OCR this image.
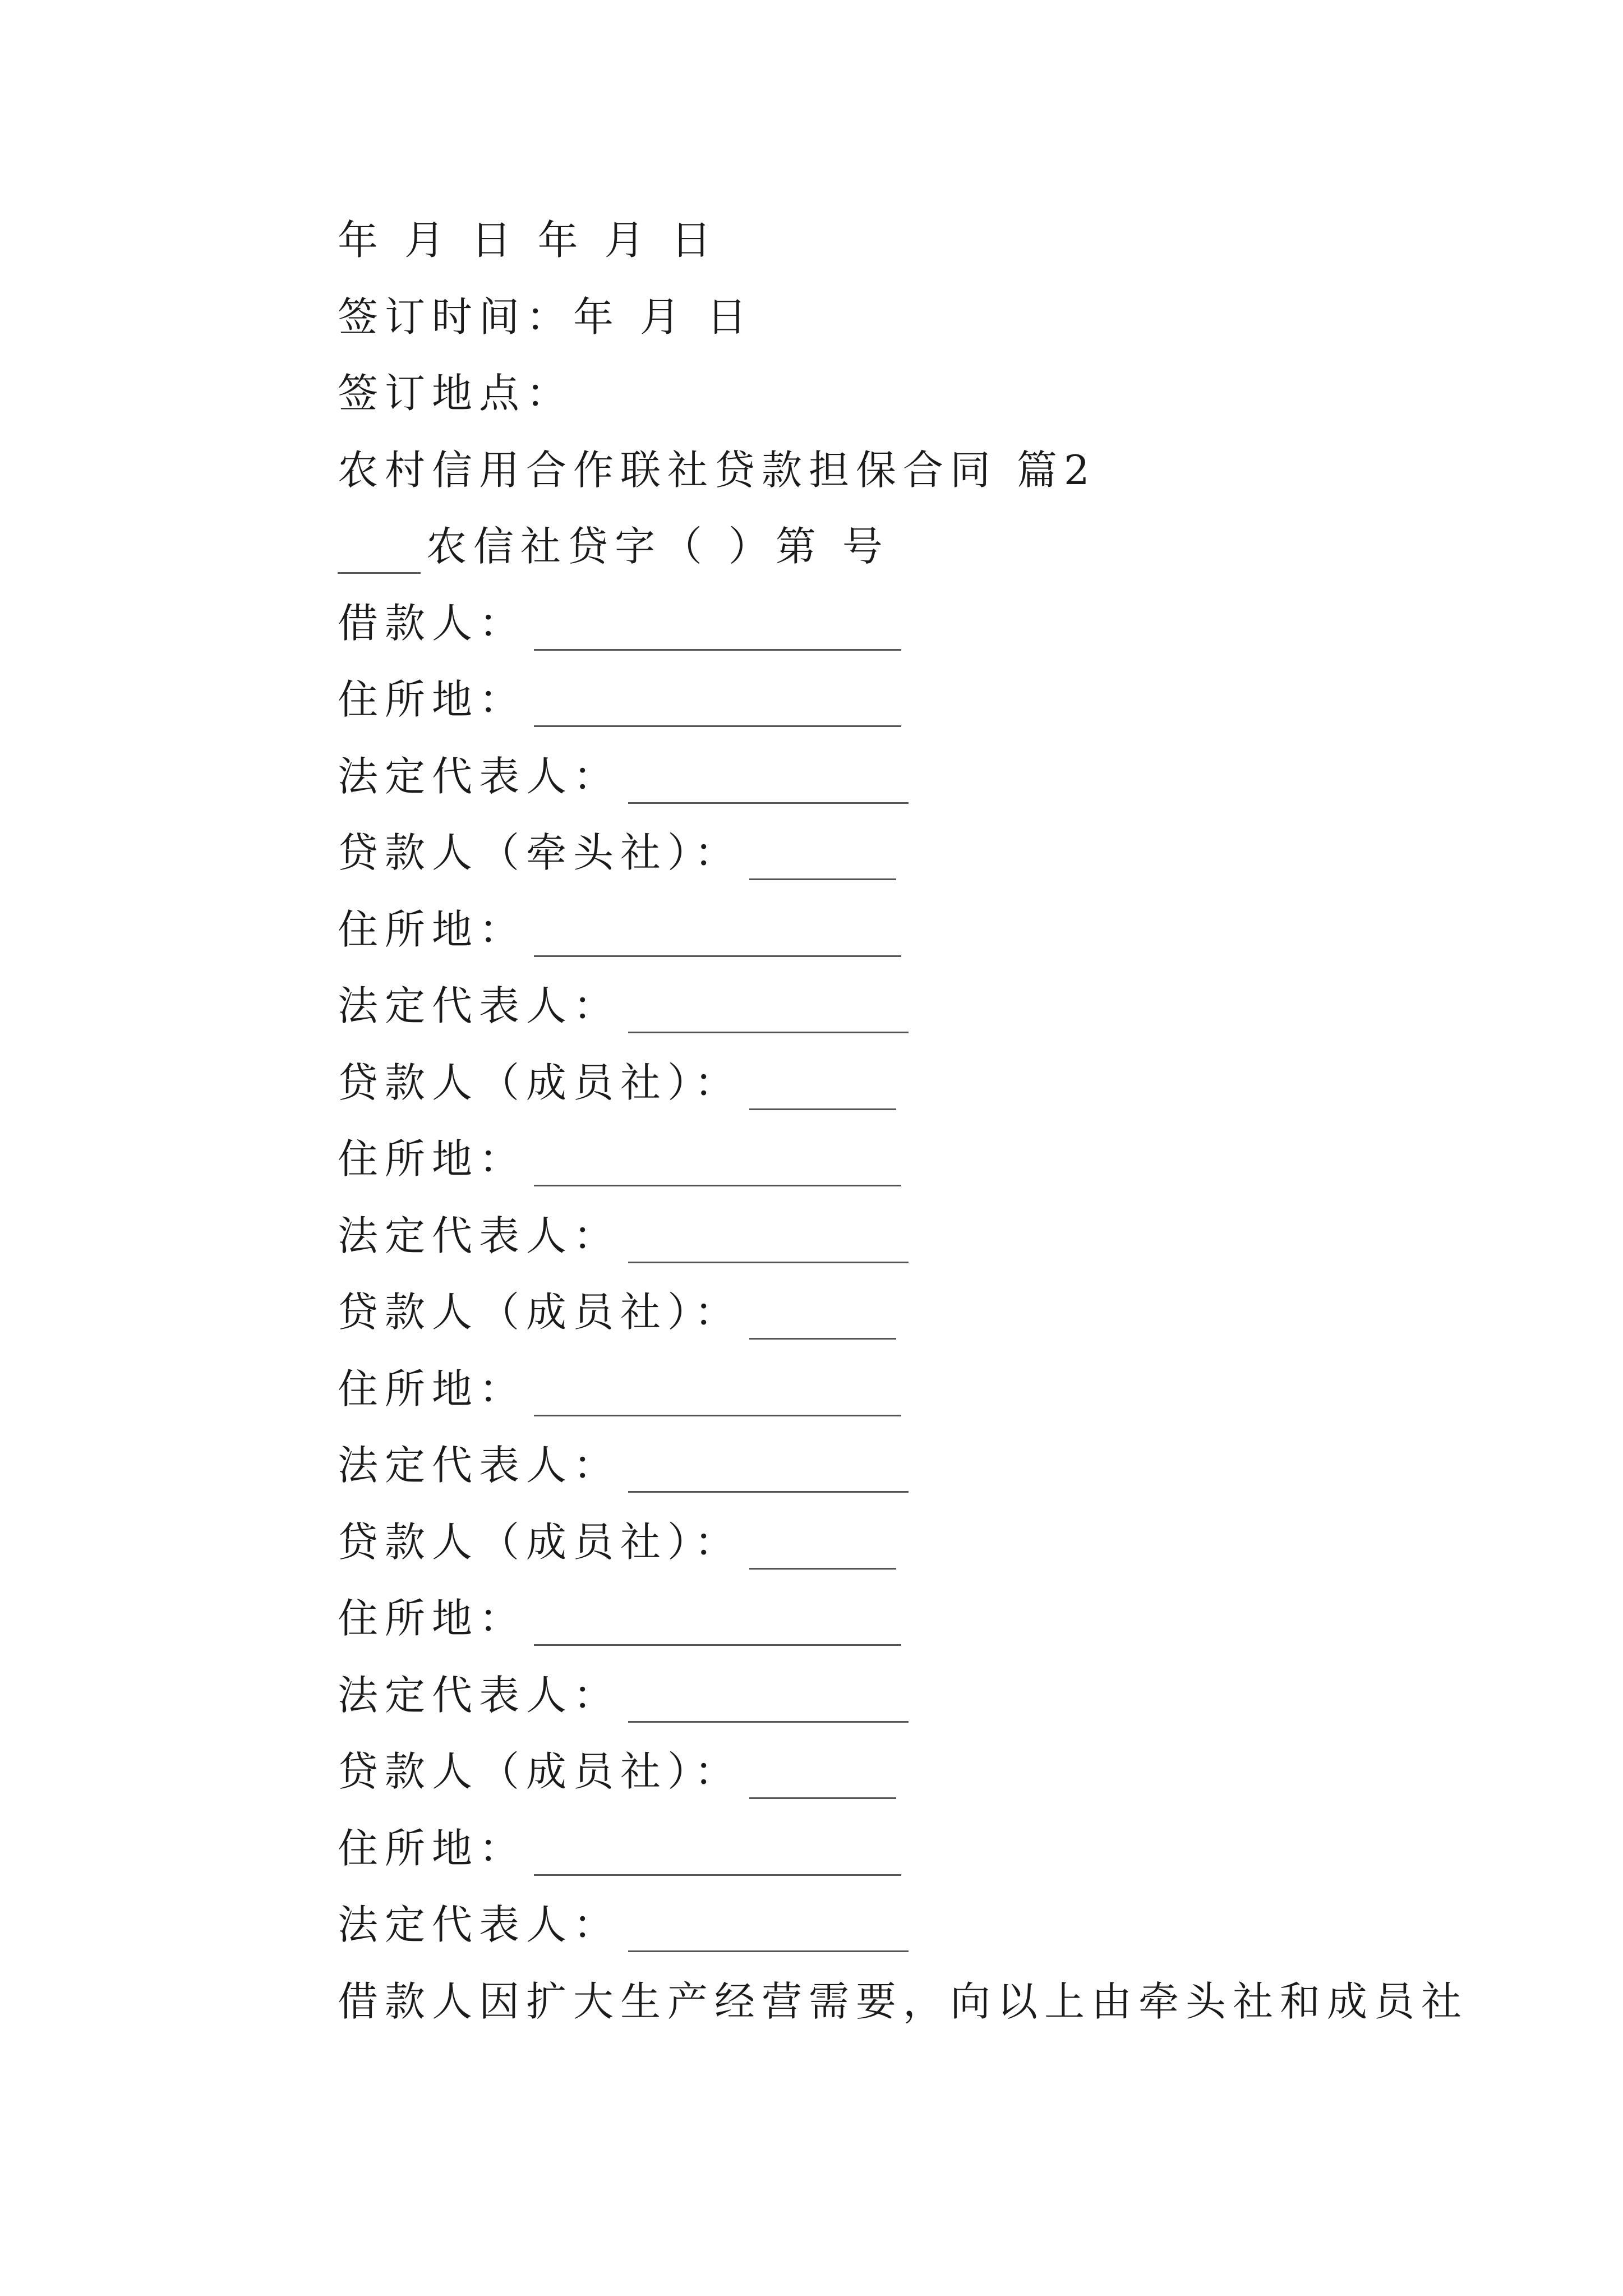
年 月 日 年 月 日
签订时间：年 月 日
签订地点：
农村信用合作联社贷款担保合同 篇2
农信社贷字（ ）第 号
借款人：
住所地：
法定代表人：
贷款人（牵头社）：
住所地：
法定代表人：
贷款人（成员社）：
住所地：
法定代表人：
贷款人（成员社）：
住所地：
法定代表人：
贷款人（成员社）：
住所地：
法定代表人：
贷款人（成员社）：
住所地：
法定代表人：
借款人因扩大生产经营需要，向以上由牵头社和成员社
